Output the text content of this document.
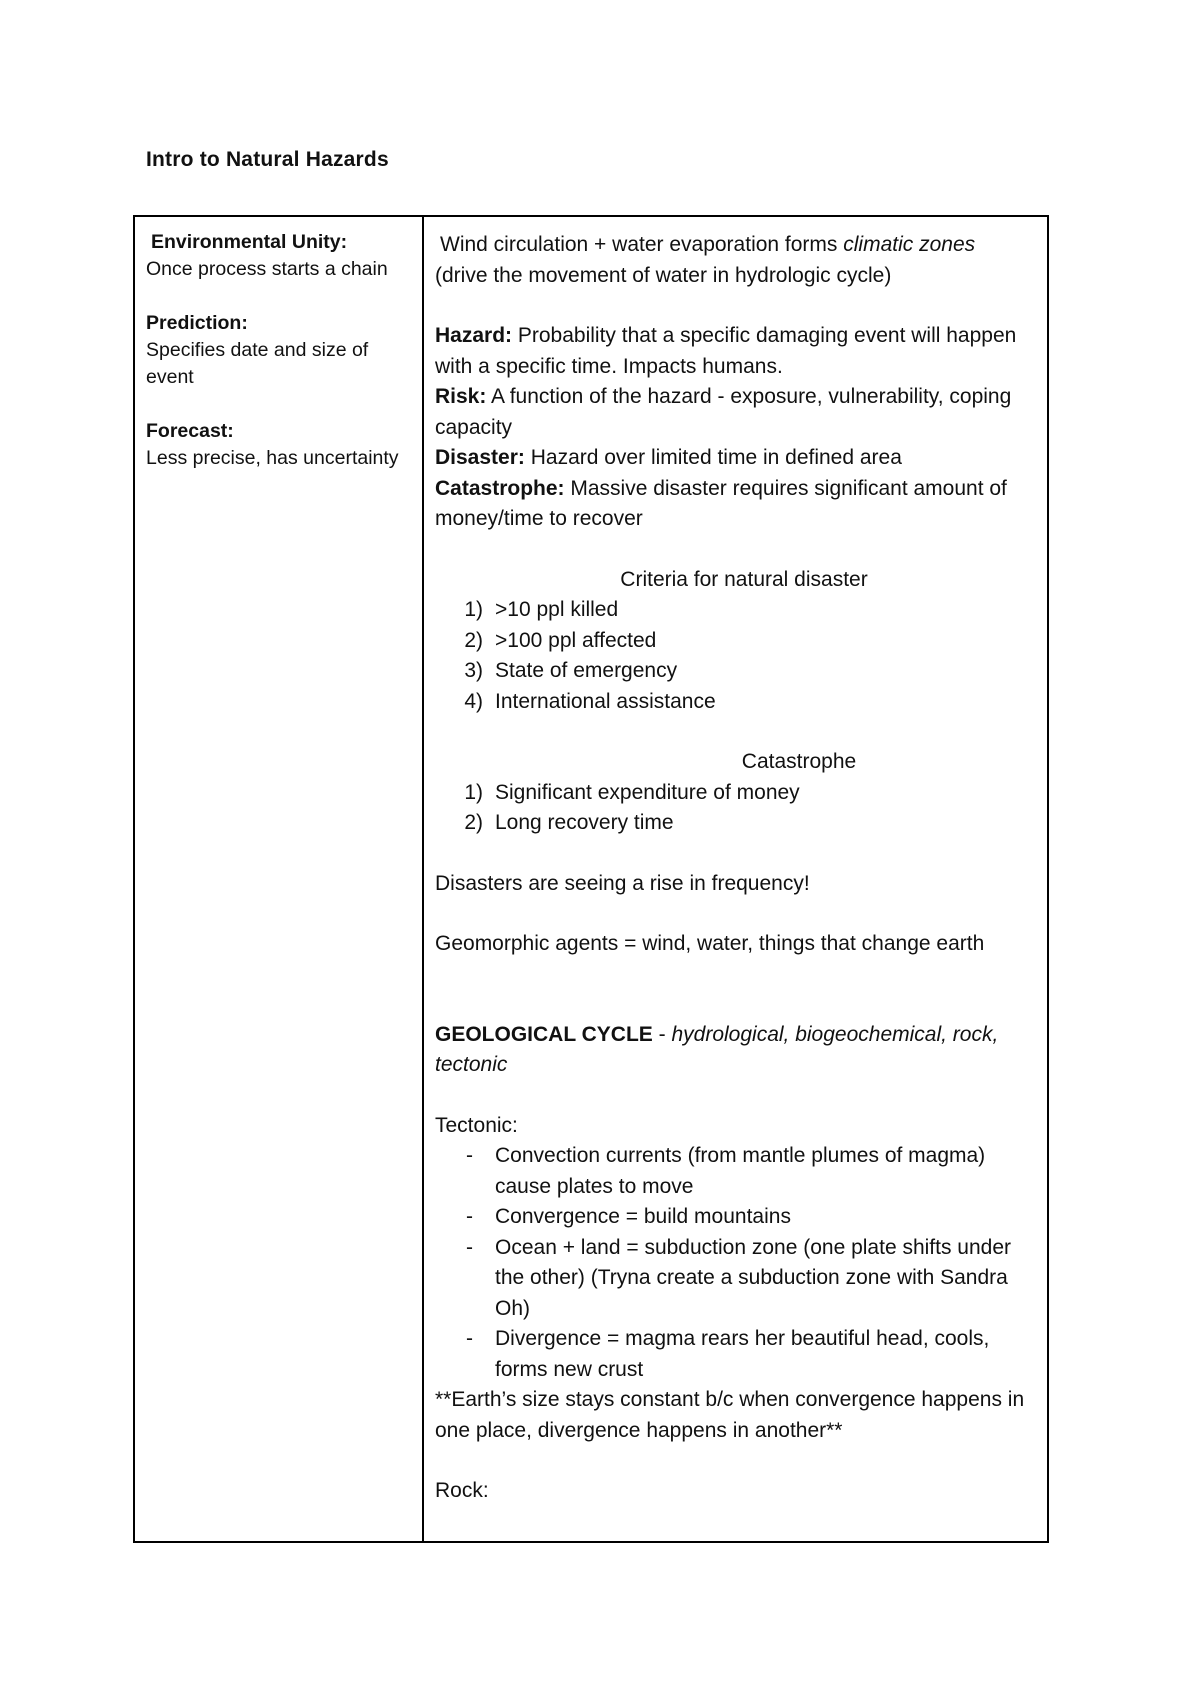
Intro to Natural Hazards
Environmental Unity:
Once process starts a chain
Prediction:
Specifies date and size of event
Forecast:
Less precise, has uncertainty
Wind circulation + water evaporation forms climatic zones
(drive the movement of water in hydrologic cycle)
Hazard: Probability that a specific damaging event will happen with a specific time. Impacts humans.
Risk: A function of the hazard - exposure, vulnerability, coping capacity
Disaster: Hazard over limited time in defined area
Catastrophe: Massive disaster requires significant amount of money/time to recover
Criteria for natural disaster
1) >10 ppl killed
2) >100 ppl affected
3) State of emergency
4) International assistance
Catastrophe
1) Significant expenditure of money
2) Long recovery time
Disasters are seeing a rise in frequency!
Geomorphic agents = wind, water, things that change earth
GEOLOGICAL CYCLE - hydrological, biogeochemical, rock, tectonic
Tectonic:
-	Convection currents (from mantle plumes of magma) cause plates to move
-	Convergence = build mountains
-	Ocean + land = subduction zone (one plate shifts under the other) (Tryna create a subduction zone with Sandra Oh)
-	Divergence = magma rears her beautiful head, cools, forms new crust
**Earth’s size stays constant b/c when convergence happens in one place, divergence happens in another**
Rock:
